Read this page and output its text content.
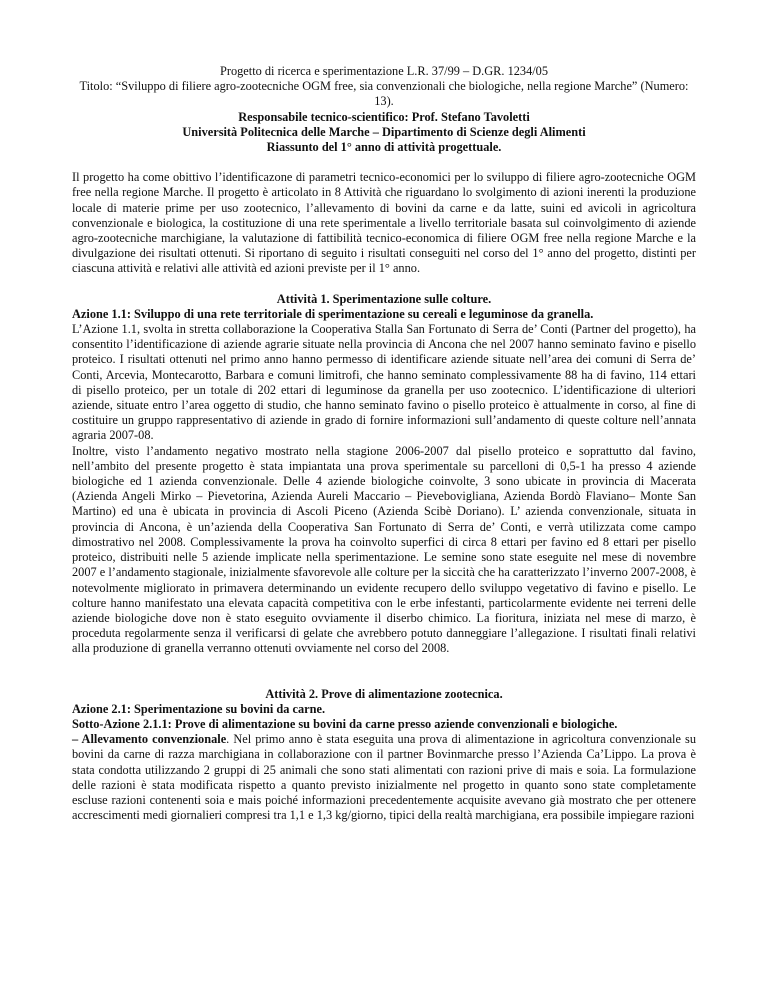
Progetto di ricerca e sperimentazione L.R. 37/99 – D.GR. 1234/05

Titolo: “Sviluppo di filiere agro-zootecniche OGM free, sia convenzionali che biologiche, nella regione Marche” (Numero: 13).

Responsabile tecnico-scientifico: Prof. Stefano Tavoletti

Università Politecnica delle Marche – Dipartimento di Scienze degli Alimenti

Riassunto del 1° anno di attività progettuale.

Il progetto ha come obittivo l’identificazone di parametri tecnico-economici per lo sviluppo di filiere agro-zootecniche OGM free nella regione Marche. Il progetto è articolato in 8 Attività che riguardano lo svolgimento di azioni inerenti la produzione locale di materie prime per uso zootecnico, l’allevamento di bovini da carne e da latte, suini ed avicoli in agricoltura convenzionale e biologica, la costituzione di una rete sperimentale a livello territoriale basata sul coinvolgimento di aziende agro-zootecniche marchigiane, la valutazione di fattibilità tecnico-economica di filiere OGM free nella regione Marche e la divulgazione dei risultati ottenuti. Si riportano di seguito i risultati conseguiti nel corso del 1° anno del progetto, distinti per ciascuna attività e relativi alle attività ed azioni previste per il 1° anno.

Attività 1. Sperimentazione sulle colture.

Azione 1.1: Sviluppo di una rete territoriale di sperimentazione su cereali e leguminose da granella.

L’Azione 1.1, svolta in stretta collaborazione la Cooperativa Stalla San Fortunato di Serra de’ Conti (Partner del progetto), ha consentito l’identificazione di aziende agrarie situate nella provincia di Ancona che nel 2007 hanno seminato favino e pisello proteico. I risultati ottenuti nel primo anno hanno permesso di identificare aziende situate nell’area dei comuni di Serra de’ Conti, Arcevia, Montecarotto, Barbara e comuni limitrofi, che hanno seminato complessivamente 88 ha di favino, 114 ettari di pisello proteico, per un totale di 202 ettari di leguminose da granella per uso zootecnico. L’identificazione di ulteriori aziende, situate entro l’area oggetto di studio, che hanno seminato favino o pisello proteico è attualmente in corso, al fine di costituire un gruppo rappresentativo di aziende in grado di fornire informazioni sull’andamento di queste colture nell’annata agraria 2007-08.

Inoltre, visto l’andamento negativo mostrato nella stagione 2006-2007 dal pisello proteico e soprattutto dal favino, nell’ambito del presente progetto è stata impiantata una prova sperimentale su parcelloni di 0,5-1 ha presso 4 aziende biologiche ed 1 azienda convenzionale. Delle 4 aziende biologiche coinvolte, 3 sono ubicate in provincia di Macerata (Azienda Angeli Mirko – Pievetorina, Azienda Aureli Maccario – Pievebovigliana, Azienda Bordò Flaviano– Monte San Martino) ed una è ubicata in provincia di Ascoli Piceno (Azienda Scibè Doriano). L’ azienda convenzionale, situata in provincia di Ancona, è un’azienda della Cooperativa San Fortunato di Serra de’ Conti, e verrà utilizzata come campo dimostrativo nel 2008. Complessivamente la prova ha coinvolto superfici di circa 8 ettari per favino ed 8 ettari per pisello proteico, distribuiti nelle 5 aziende implicate nella sperimentazione. Le semine sono state eseguite nel mese di novembre 2007 e l’andamento stagionale, inizialmente sfavorevole alle colture per la siccità che ha caratterizzato l’inverno 2007-2008, è notevolmente migliorato in primavera determinando un evidente recupero dello sviluppo vegetativo di favino e pisello. Le colture hanno manifestato una elevata capacità competitiva con le erbe infestanti, particolarmente evidente nei terreni delle aziende biologiche dove non è stato eseguito ovviamente il diserbo chimico. La fioritura, iniziata nel mese di marzo, è proceduta regolarmente senza il verificarsi di gelate che avrebbero potuto danneggiare l’allegazione. I risultati finali relativi alla produzione di granella verranno ottenuti ovviamente nel corso del 2008.

Attività 2. Prove di alimentazione zootecnica.

Azione 2.1: Sperimentazione su bovini da carne.

Sotto-Azione 2.1.1: Prove di alimentazione su bovini da carne presso aziende convenzionali e biologiche.

– Allevamento convenzionale. Nel primo anno è stata eseguita una prova di alimentazione in agricoltura convenzionale su bovini da carne di razza marchigiana in collaborazione con il partner Bovinmarche presso l’Azienda Ca’Lippo. La prova è stata condotta utilizzando 2 gruppi di 25 animali che sono stati alimentati con razioni prive di mais e soia. La formulazione delle razioni è stata modificata rispetto a quanto previsto inizialmente nel progetto in quanto sono state completamente escluse razioni contenenti soia e mais poiché informazioni precedentemente acquisite avevano già mostrato che per ottenere accrescimenti medi giornalieri compresi tra 1,1 e 1,3 kg/giorno, tipici della realtà marchigiana, era possibile impiegare razioni
